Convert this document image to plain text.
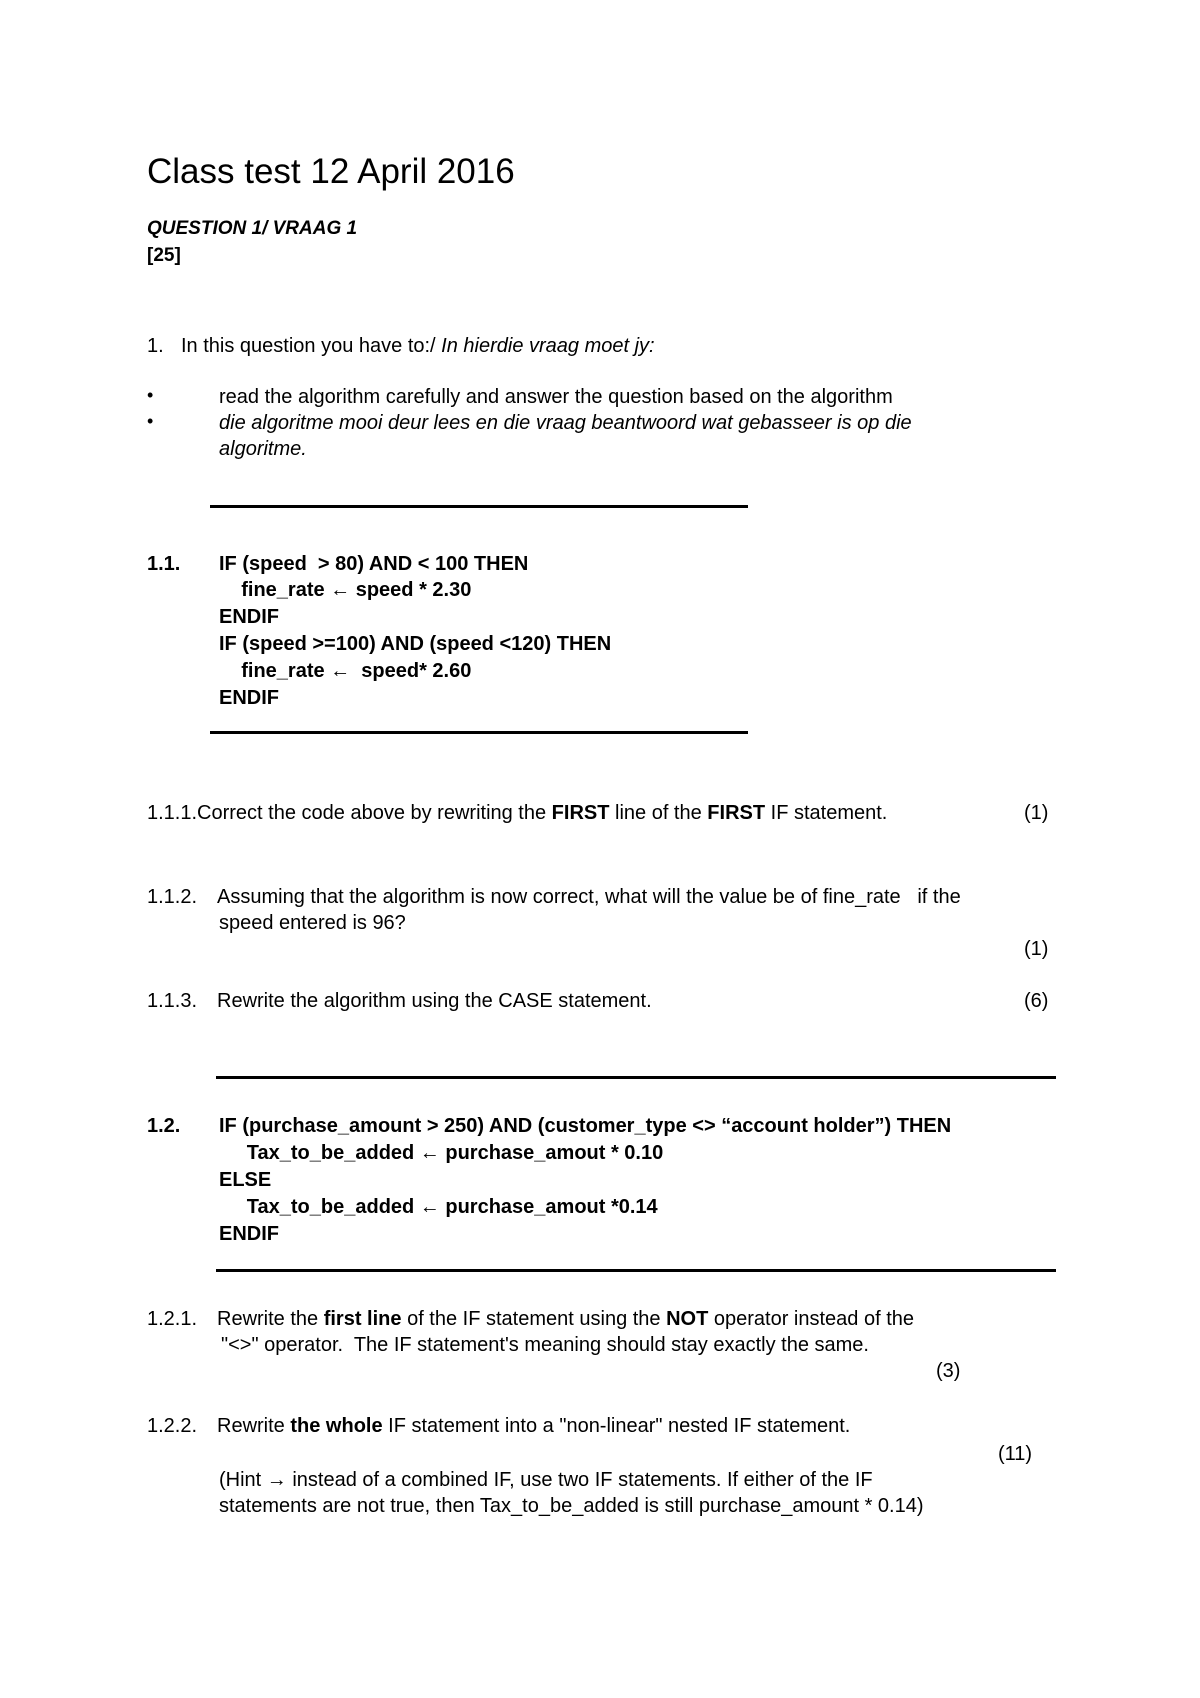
Class test 12 April 2016
QUESTION 1/ VRAAG 1
[25]
1. In this question you have to:/ In hierdie vraag moet jy:
•	read the algorithm carefully and answer the question based on the algorithm
•	die algoritme mooi deur lees en die vraag beantwoord wat gebasseer is op die
algoritme.
1.1. IF (speed  > 80) AND < 100 THEN
fine_rate ← speed * 2.30
ENDIF
IF (speed >=100) AND (speed <120) THEN
fine_rate ←  speed* 2.60
ENDIF
1.1.1.Correct the code above by rewriting the FIRST line of the FIRST IF statement.	(1)
1.1.2. Assuming that the algorithm is now correct, what will the value be of fine_rate   if the
speed entered is 96?
(1)
1.1.3. Rewrite the algorithm using the CASE statement.	(6)
1.2. IF (purchase_amount > 250) AND (customer_type <> “account holder”) THEN
Tax_to_be_added ← purchase_amout * 0.10
ELSE
Tax_to_be_added ← purchase_amout *0.14
ENDIF
1.2.1. Rewrite the first line of the IF statement using the NOT operator instead of the
"<>" operator.  The IF statement's meaning should stay exactly the same.
(3)
1.2.2. Rewrite the whole IF statement into a "non-linear" nested IF statement.
(11)
(Hint → instead of a combined IF, use two IF statements. If either of the IF
statements are not true, then Tax_to_be_added is still purchase_amount * 0.14)
